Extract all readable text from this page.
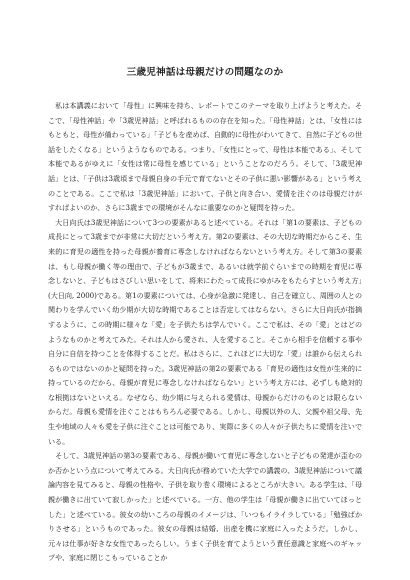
三歳児神話は母親だけの問題なのか

私は本講義において「母性」に興味を持ち、レポートでこのテーマを取り上げようと考えた。そこで、「母性神話」や「3歳児神話」と呼ばれるものの存在を知った。「母性神話」とは、「女性にはもともと、母性が備わっている」「子どもを産めば、自動的に母性がわいてきて、自然に子どもの世話をしたくなる」というようなものである。つまり、「女性にとって、母性は本能である」、そして本能であるがゆえに「女性は常に母性を感じている」ということなのだろう。そして、「3歳児神話」とは、「子供は3歳頃まで母親自身の手元で育てないとその子供に悪い影響がある」という考えのことである。ここで私は「3歳児神話」において、子供と向き合い、愛情を注ぐのは母親だけがすればよいのか、さらに3歳までの環境がそんなに重要なのかと疑問を持った。

大日向氏は3歳児神話について3つの要素があると述べている。それは「第1の要素は、子どもの成長にとって3歳までが非常に大切だという考え方。第2の要素は、その大切な時期だからこそ、生来的に育児の適性を持った母親が養育に専念しなければならないという考え方。そして第3の要素は、もし母親が働く等の理由で、子どもが3歳まで、あるいは就学前ぐらいまでの時期を育児に専念しないと、子どもはさびしい思いをして、将来にわたって成長にゆがみをもたらすという考え方」(大日向, 2000)である。第1の要素については、心身が急激に発達し、自己を確立し、周囲の人との関わりを学んでいく幼少期が大切な時期であることは否定してはならない。さらに大日向氏が指摘するように、この時期に様々な「愛」を子供たちは学んでいく。ここで私は、その「愛」とはどのようなものかと考えてみた。それは人から愛され、人を愛すること。そこから相手を信頼する事や自分に自信を持つことを体得することだ。私はさらに、これほどに大切な「愛」は誰から伝えられるものではないのかと疑問を持った。3歳児神話の第2の要素である「育児の適性は女性が生来的に持っているのだから、母親が育児に専念しなければならない」という考え方には、必ずしも絶対的な根拠はないといえる。なぜなら、幼少期に与えられる愛情は、母親からだけのものとは限らないからだ。母親も愛情を注ぐことはもちろん必要である。しかし、母親以外の人、父親や祖父母、先生や地域の人々も愛を子供に注ぐことは可能であり、実際に多くの人々が子供たちに愛情を注いでいる。

そして、3歳児神話の第3の要素である、母親が働いて育児に専念しないと子どもの発達が歪むのか否かという点について考えてみる。大日向氏が務めていた大学での講義の、3歳児神話について議論内容を見てみると、母親の性格や、子供を取り巻く環境によるところが大きい。ある学生は、「母親が働きに出ていて寂しかった」と述べている。一方、他の学生は「母親が働きに出ていてほっとした」と述べている。彼女の幼いころの母親のイメージは、「いつもイライラしている」「勉強ばかりさせる」というものであった。彼女の母親は結婚、出産を機に家庭に入ったようだ。しかし、元々は仕事が好きな女性であったらしい。うまく子供を育てようという責任意識と家庭へのギャップや、家庭に閉じこもっていることか
